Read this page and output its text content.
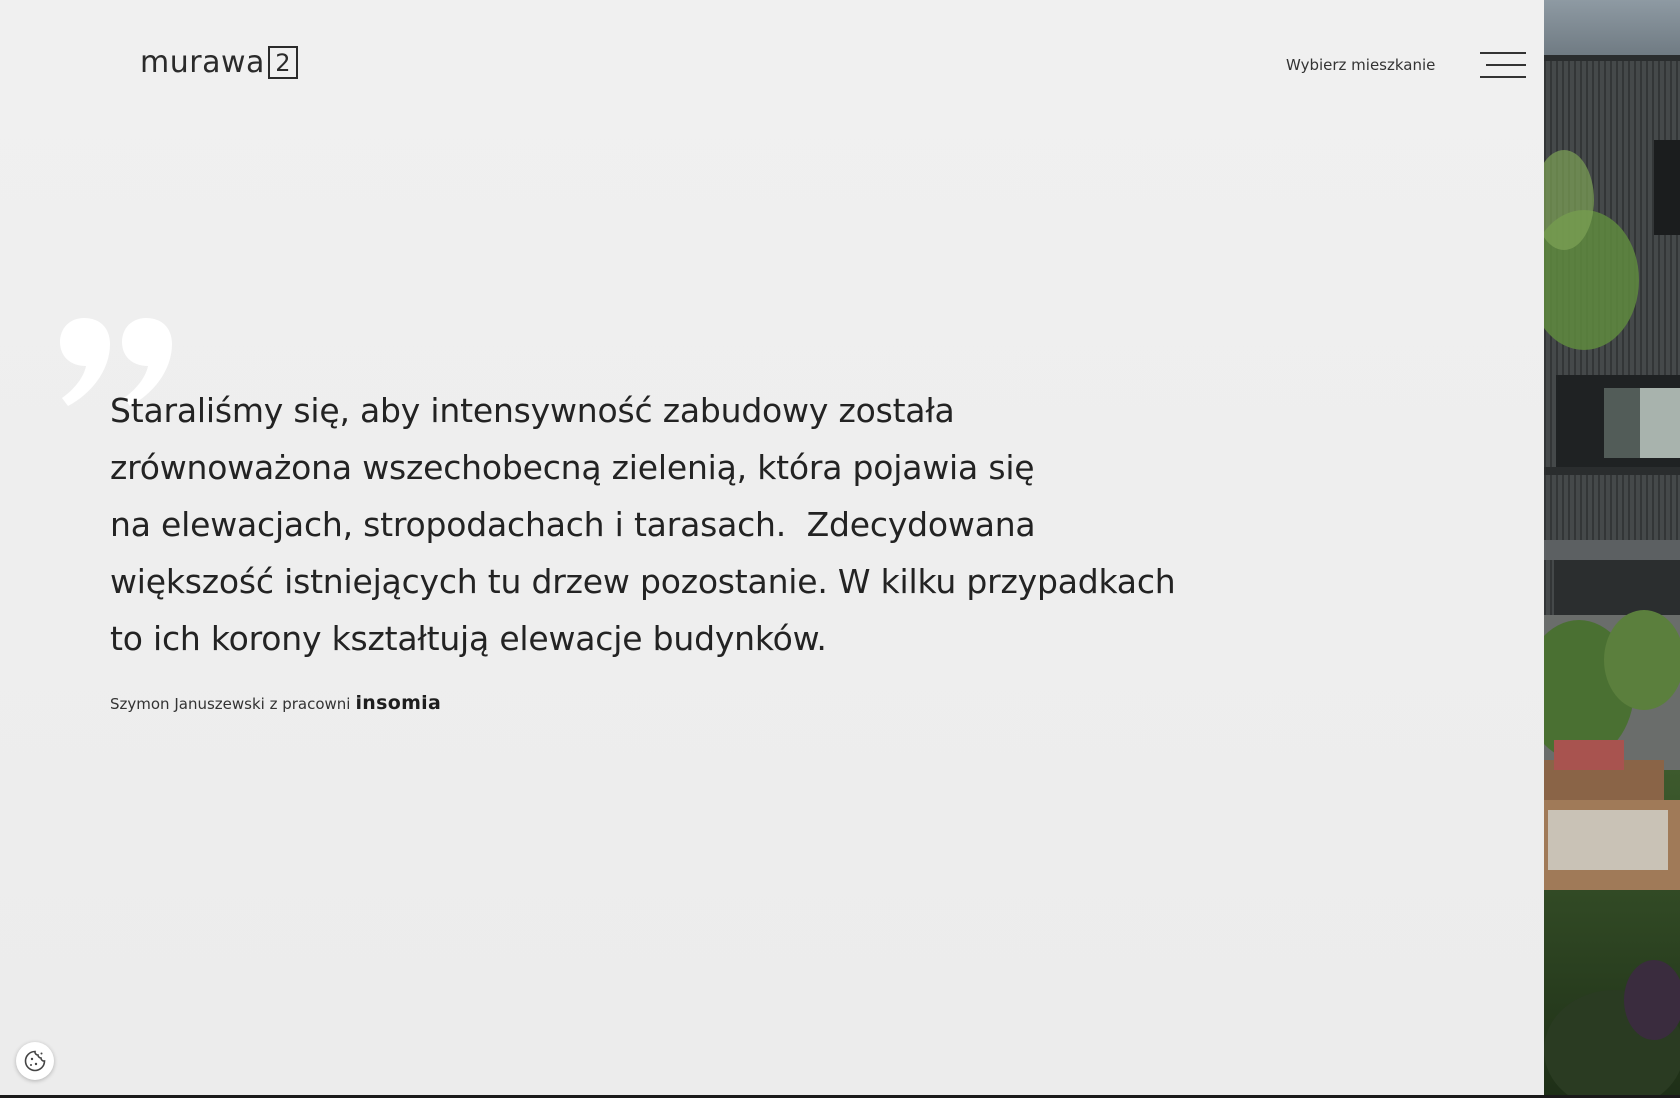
murawa 2	Wybierz mieszkanie

Staraliśmy się, aby intensywność zabudowy została
zrównoważona wszechobecną zielenią, która pojawia się
na elewacjach, stropodachach i tarasach.  Zdecydowana
większość istniejących tu drzew pozostanie. W kilku przypadkach
to ich korony kształtują elewacje budynków.

Szymon Januszewski z pracowni insomia
